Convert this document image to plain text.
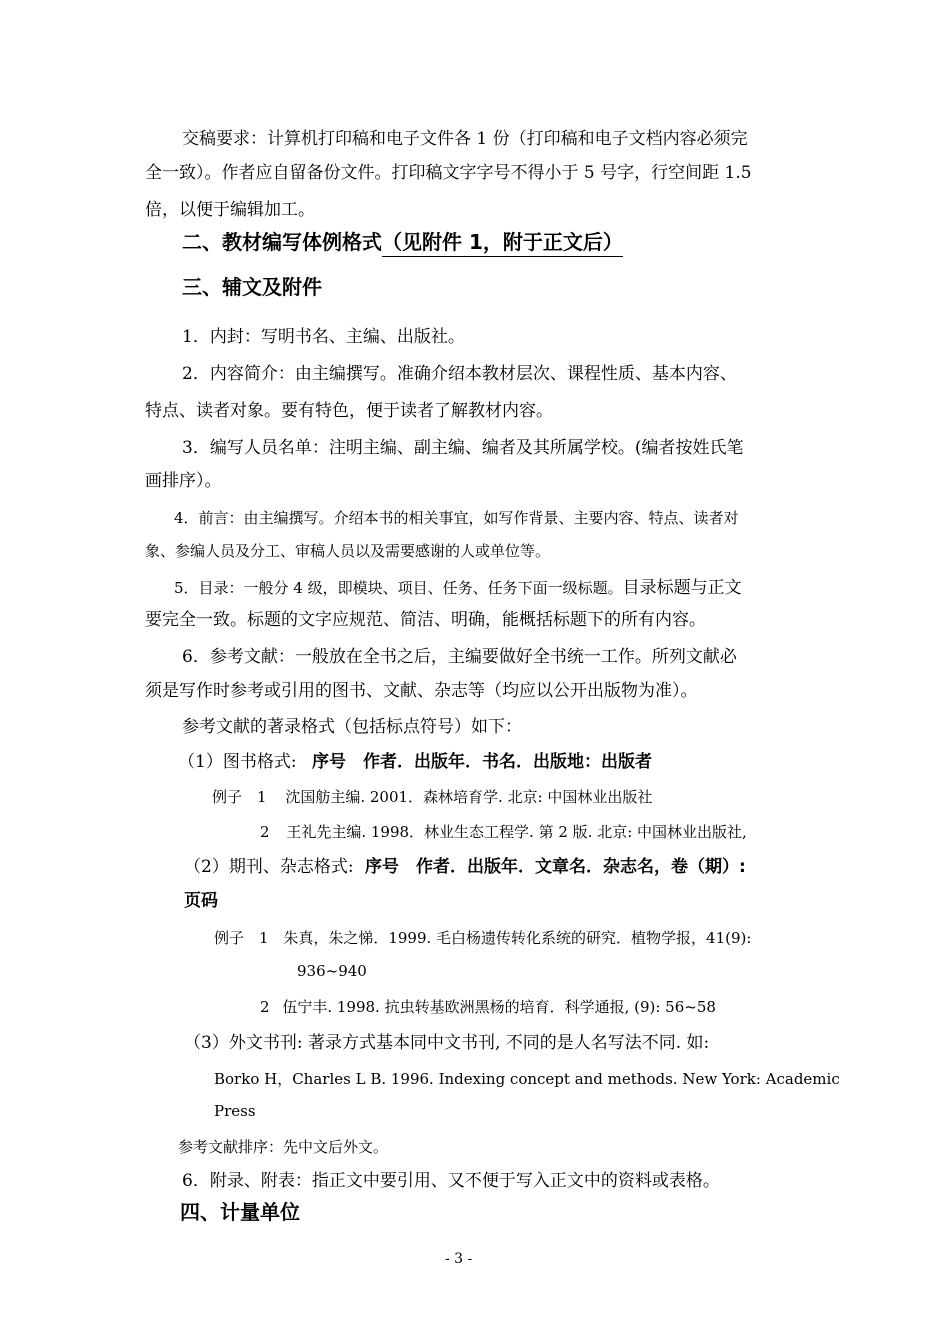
交稿要求：计算机打印稿和电子文件各 1 份（打印稿和电子文档内容必须完
全一致）。作者应自留备份文件。打印稿文字字号不得小于 5 号字，行空间距 1.5
倍，以便于编辑加工。
二、教材编写体例格式（见附件 1，附于正文后）
三、辅文及附件
1．内封：写明书名、主编、出版社。
2．内容简介：由主编撰写。准确介绍本教材层次、课程性质、基本内容、
特点、读者对象。要有特色，便于读者了解教材内容。
3．编写人员名单：注明主编、副主编、编者及其所属学校。(编者按姓氏笔
画排序）。
4．前言：由主编撰写。介绍本书的相关事宜，如写作背景、主要内容、特点、读者对
象、参编人员及分工、审稿人员以及需要感谢的人或单位等。
5．目录：一般分 4 级，即模块、项目、任务、任务下面一级标题。目录标题与正文
要完全一致。标题的文字应规范、简洁、明确，能概括标题下的所有内容。
6．参考文献：一般放在全书之后，主编要做好全书统一工作。所列文献必
须是写作时参考或引用的图书、文献、杂志等（均应以公开出版物为准）。
参考文献的著录格式（包括标点符号）如下：
（1）图书格式: 序号　作者．出版年．书名．出版地：出版者
例子　1 沈国舫主编. 2001．森林培育学. 北京: 中国林业出版社
2 王礼先主编. 1998．林业生态工程学. 第 2 版. 北京: 中国林业出版社,
（2）期刊、杂志格式: 序号　作者．出版年．文章名．杂志名，卷（期）:
页码
例子　1 朱真，朱之悌．1999. 毛白杨遗传转化系统的研究．植物学报，41(9):
936~940
2 伍宁丰. 1998. 抗虫转基欧洲黑杨的培育．科学通报, (9): 56~58
（3）外文书刊: 著录方式基本同中文书刊, 不同的是人名写法不同. 如:
Borko H，Charles L B. 1996. Indexing concept and methods. New York: Academic
Press
参考文献排序：先中文后外文。
6．附录、附表：指正文中要引用、又不便于写入正文中的资料或表格。
四、计量单位
- 3 -
